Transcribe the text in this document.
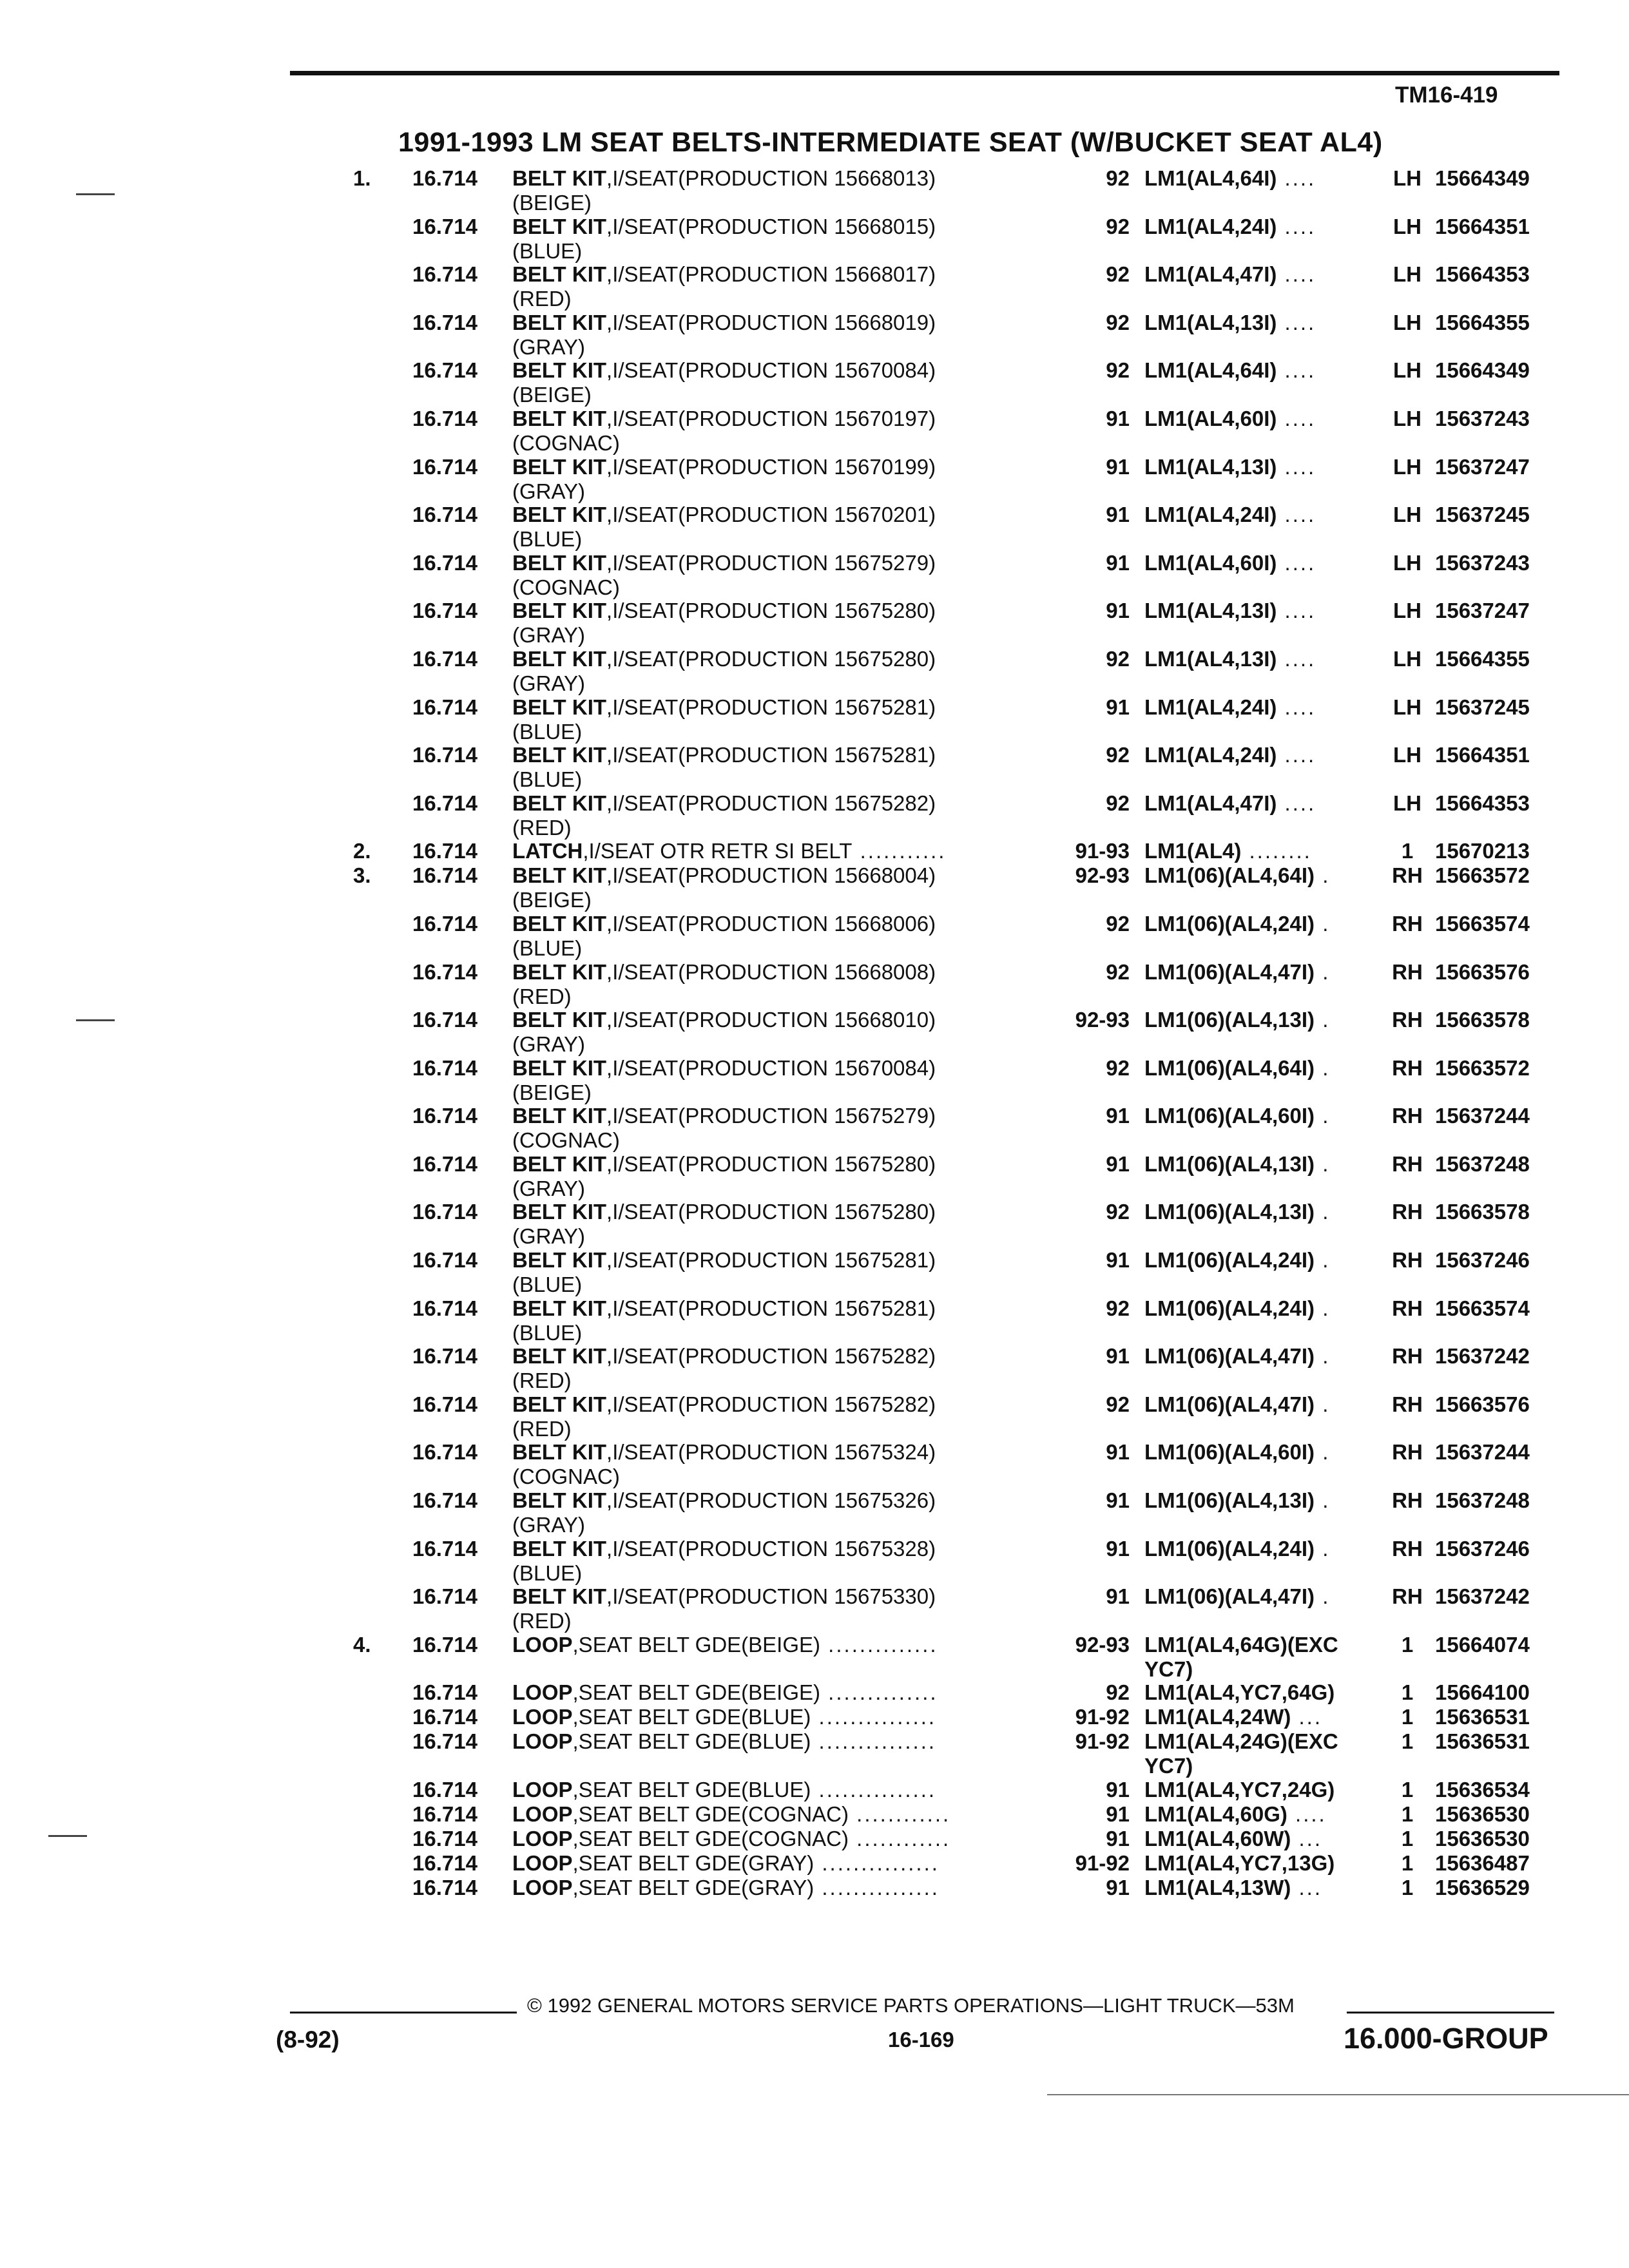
TM16-419
1991-1993 LM SEAT BELTS-INTERMEDIATE SEAT (W/BUCKET SEAT AL4)
1.	16.714 BELT KIT,I/SEAT(PRODUCTION 15668013)
(BEIGE)
92 LM1(AL4,64I) ....	LH 15664349
16.714 BELT KIT,I/SEAT(PRODUCTION 15668015)
(BLUE)
92 LM1(AL4,24I) ....	LH 15664351
16.714 BELT KIT,I/SEAT(PRODUCTION 15668017)
(RED)
92 LM1(AL4,47I) ....	LH 15664353
16.714 BELT KIT,I/SEAT(PRODUCTION 15668019)
(GRAY)
92 LM1(AL4,13I) ....	LH 15664355
16.714 BELT KIT,I/SEAT(PRODUCTION 15670084)
(BEIGE)
92 LM1(AL4,64I) ....	LH 15664349
16.714 BELT KIT,I/SEAT(PRODUCTION 15670197)
(COGNAC)
91 LM1(AL4,60I) ....	LH 15637243
16.714 BELT KIT,I/SEAT(PRODUCTION 15670199)
(GRAY)
91 LM1(AL4,13I) ....	LH 15637247
16.714 BELT KIT,I/SEAT(PRODUCTION 15670201)
(BLUE)
91 LM1(AL4,24I) ....	LH 15637245
16.714 BELT KIT,I/SEAT(PRODUCTION 15675279)
(COGNAC)
91 LM1(AL4,60I) ....	LH 15637243
16.714 BELT KIT,I/SEAT(PRODUCTION 15675280)
(GRAY)
91 LM1(AL4,13I) ....	LH 15637247
16.714 BELT KIT,I/SEAT(PRODUCTION 15675280)
(GRAY)
92 LM1(AL4,13I) ....	LH 15664355
16.714 BELT KIT,I/SEAT(PRODUCTION 15675281)
(BLUE)
91 LM1(AL4,24I) ....	LH 15637245
16.714 BELT KIT,I/SEAT(PRODUCTION 15675281)
(BLUE)
92 LM1(AL4,24I) ....	LH 15664351
16.714 BELT KIT,I/SEAT(PRODUCTION 15675282)
(RED)
92 LM1(AL4,47I) ....	LH 15664353
2.	16.714 LATCH,I/SEAT OTR RETR SI BELT ...........	91-93 LM1(AL4) ........	1	15670213
3.	16.714 BELT KIT,I/SEAT(PRODUCTION 15668004)
(BEIGE)
92-93 LM1(06)(AL4,64I) .	RH 15663572
16.714 BELT KIT,I/SEAT(PRODUCTION 15668006)
(BLUE)
92 LM1(06)(AL4,24I) .	RH 15663574
16.714 BELT KIT,I/SEAT(PRODUCTION 15668008)
(RED)
92 LM1(06)(AL4,47I) .	RH 15663576
16.714 BELT KIT,I/SEAT(PRODUCTION 15668010)
(GRAY)
92-93 LM1(06)(AL4,13I) .	RH 15663578
16.714 BELT KIT,I/SEAT(PRODUCTION 15670084)
(BEIGE)
92 LM1(06)(AL4,64I) .	RH 15663572
16.714 BELT KIT,I/SEAT(PRODUCTION 15675279)
(COGNAC)
91 LM1(06)(AL4,60I) .	RH 15637244
16.714 BELT KIT,I/SEAT(PRODUCTION 15675280)
(GRAY)
91 LM1(06)(AL4,13I) .	RH 15637248
16.714 BELT KIT,I/SEAT(PRODUCTION 15675280)
(GRAY)
92 LM1(06)(AL4,13I) .	RH 15663578
16.714 BELT KIT,I/SEAT(PRODUCTION 15675281)
(BLUE)
91 LM1(06)(AL4,24I) .	RH 15637246
16.714 BELT KIT,I/SEAT(PRODUCTION 15675281)
(BLUE)
92 LM1(06)(AL4,24I) .	RH 15663574
16.714 BELT KIT,I/SEAT(PRODUCTION 15675282)
(RED)
91 LM1(06)(AL4,47I) .	RH 15637242
16.714 BELT KIT,I/SEAT(PRODUCTION 15675282)
(RED)
92 LM1(06)(AL4,47I) .	RH 15663576
16.714 BELT KIT,I/SEAT(PRODUCTION 15675324)
(COGNAC)
91 LM1(06)(AL4,60I) .	RH 15637244
16.714 BELT KIT,I/SEAT(PRODUCTION 15675326)
(GRAY)
91 LM1(06)(AL4,13I) .	RH 15637248
16.714 BELT KIT,I/SEAT(PRODUCTION 15675328)
(BLUE)
91 LM1(06)(AL4,24I) .	RH 15637246
16.714 BELT KIT,I/SEAT(PRODUCTION 15675330)
(RED)
91 LM1(06)(AL4,47I) .	RH 15637242
4.	16.714 LOOP,SEAT BELT GDE(BEIGE) ..............	92-93 LM1(AL4,64G)(EXC
YC7)
1	15664074
16.714 LOOP,SEAT BELT GDE(BEIGE) ..............	92 LM1(AL4,YC7,64G)	1	15664100
16.714 LOOP,SEAT BELT GDE(BLUE) ...............	91-92 LM1(AL4,24W) ...	1	15636531
16.714 LOOP,SEAT BELT GDE(BLUE) ...............	91-92 LM1(AL4,24G)(EXC
YC7)
1	15636531
16.714 LOOP,SEAT BELT GDE(BLUE) ...............	91 LM1(AL4,YC7,24G)	1	15636534
16.714 LOOP,SEAT BELT GDE(COGNAC) ............	91 LM1(AL4,60G) ....	1	15636530
16.714 LOOP,SEAT BELT GDE(COGNAC) ............	91 LM1(AL4,60W) ...	1	15636530
16.714 LOOP,SEAT BELT GDE(GRAY) ...............	91-92 LM1(AL4,YC7,13G)	1	15636487
16.714 LOOP,SEAT BELT GDE(GRAY) ...............	91 LM1(AL4,13W) ...	1	15636529
© 1992 GENERAL MOTORS SERVICE PARTS OPERATIONS—LIGHT TRUCK—53M
(8-92)	16-169	16.000-GROUP
